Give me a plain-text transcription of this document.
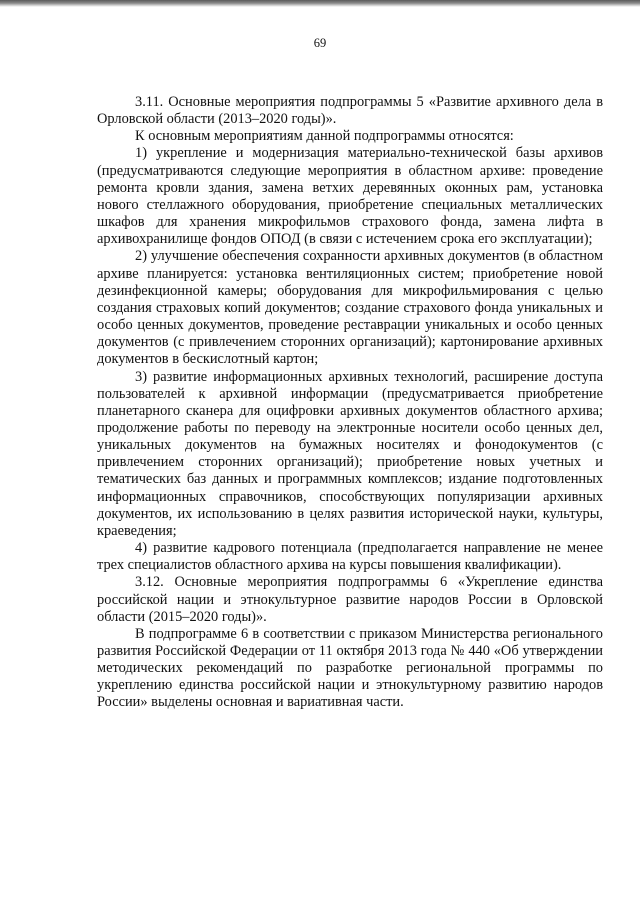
69

3.11. Основные мероприятия подпрограммы 5 «Развитие архивного дела в Орловской области (2013–2020 годы)».

К основным мероприятиям данной подпрограммы относятся:

1) укрепление и модернизация материально-технической базы архивов (предусматриваются следующие мероприятия в областном архиве: проведение ремонта кровли здания, замена ветхих деревянных оконных рам, установка нового стеллажного оборудования, приобретение специальных металлических шкафов для хранения микрофильмов страхового фонда, замена лифта в архивохранилище фондов ОПОД (в связи с истечением срока его эксплуатации);

2) улучшение обеспечения сохранности архивных документов (в областном архиве планируется: установка вентиляционных систем; приобретение новой дезинфекционной камеры; оборудования для микрофильмирования с целью создания страховых копий документов; создание страхового фонда уникальных и особо ценных документов, проведение реставрации уникальных и особо ценных документов (с привлечением сторонних организаций); картонирование архивных документов в бескислотный картон;

3) развитие информационных архивных технологий, расширение доступа пользователей к архивной информации (предусматривается приобретение планетарного сканера для оцифровки архивных документов областного архива; продолжение работы по переводу на электронные носители особо ценных дел, уникальных документов на бумажных носителях и фонодокументов (с привлечением сторонних организаций); приобретение новых учетных и тематических баз данных и программных комплексов; издание подготовленных информационных справочников, способствующих популяризации архивных документов, их использованию в целях развития исторической науки, культуры, краеведения;

4) развитие кадрового потенциала (предполагается направление не менее трех специалистов областного архива на курсы повышения квалификации).

3.12. Основные мероприятия подпрограммы 6 «Укрепление единства российской нации и этнокультурное развитие народов России в Орловской области (2015–2020 годы)».

В подпрограмме 6 в соответствии с приказом Министерства регионального развития Российской Федерации от 11 октября 2013 года № 440 «Об утверждении методических рекомендаций по разработке региональной программы по укреплению единства российской нации и этнокультурному развитию народов России» выделены основная и вариативная части.
